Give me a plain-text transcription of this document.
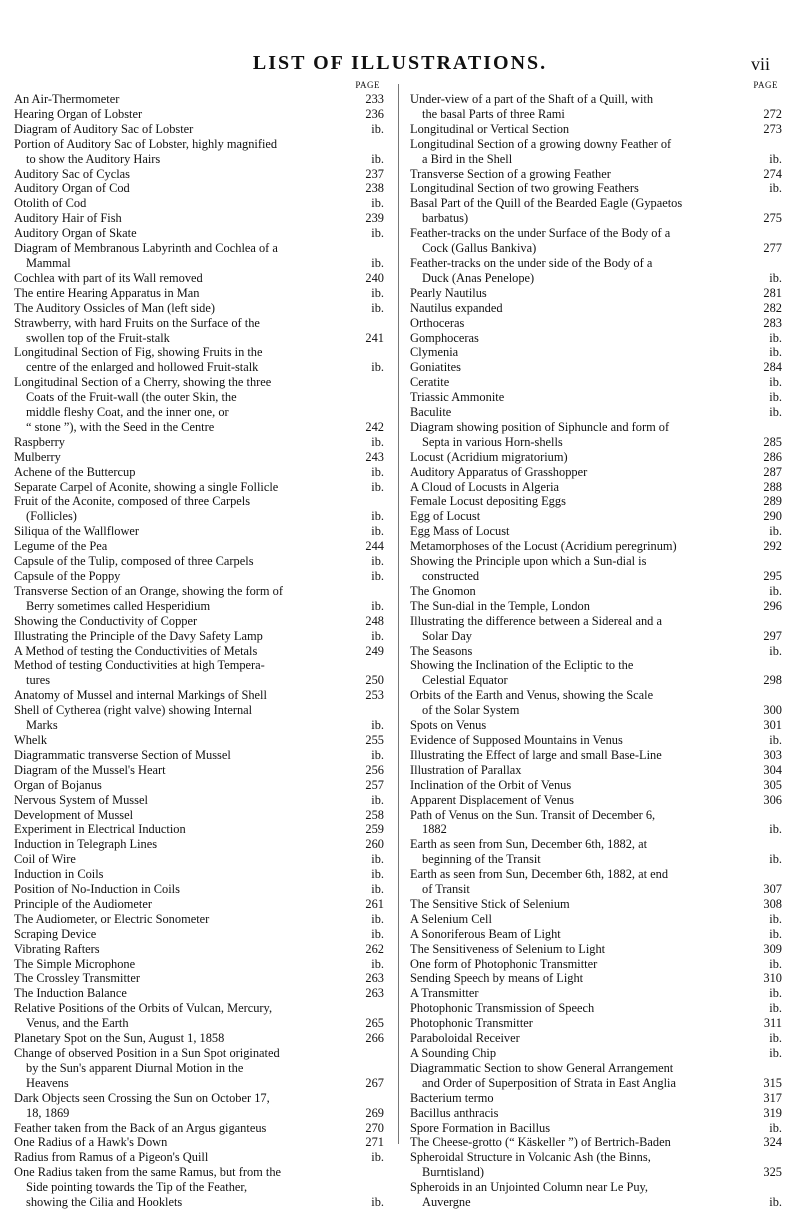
LIST OF ILLUSTRATIONS.	vii
PAGE
An Air-Thermometer	233
Hearing Organ of Lobster	236
Diagram of Auditory Sac of Lobster	ib.
Portion of Auditory Sac of Lobster, highly magnified
to show the Auditory Hairs	ib.
Auditory Sac of Cyclas	237
Auditory Organ of Cod	238
Otolith of Cod	ib.
Auditory Hair of Fish	239
Auditory Organ of Skate	ib.
Diagram of Membranous Labyrinth and Cochlea of a
Mammal	ib.
Cochlea with part of its Wall removed	240
The entire Hearing Apparatus in Man	ib.
The Auditory Ossicles of Man (left side)	ib.
Strawberry, with hard Fruits on the Surface of the
swollen top of the Fruit-stalk	241
Longitudinal Section of Fig, showing Fruits in the
centre of the enlarged and hollowed Fruit-stalk	ib.
Longitudinal Section of a Cherry, showing the three
Coats of the Fruit-wall (the outer Skin, the
middle fleshy Coat, and the inner one, or
“ stone ”), with the Seed in the Centre	242
Raspberry	ib.
Mulberry	243
Achene of the Buttercup	ib.
Separate Carpel of Aconite, showing a single Follicle	ib.
Fruit of the Aconite, composed of three Carpels
(Follicles)	ib.
Siliqua of the Wallflower	ib.
Legume of the Pea	244
Capsule of the Tulip, composed of three Carpels	ib.
Capsule of the Poppy	ib.
Transverse Section of an Orange, showing the form of
Berry sometimes called Hesperidium	ib.
Showing the Conductivity of Copper	248
Illustrating the Principle of the Davy Safety Lamp	ib.
A Method of testing the Conductivities of Metals	249
Method of testing Conductivities at high Tempera-
tures	250
Anatomy of Mussel and internal Markings of Shell	253
Shell of Cytherea (right valve) showing Internal
Marks	ib.
Whelk	255
Diagrammatic transverse Section of Mussel	ib.
Diagram of the Mussel's Heart	256
Organ of Bojanus	257
Nervous System of Mussel	ib.
Development of Mussel	258
Experiment in Electrical Induction	259
Induction in Telegraph Lines	260
Coil of Wire	ib.
Induction in Coils	ib.
Position of No-Induction in Coils	ib.
Principle of the Audiometer	261
The Audiometer, or Electric Sonometer	ib.
Scraping Device	ib.
Vibrating Rafters	262
The Simple Microphone	ib.
The Crossley Transmitter	263
The Induction Balance	263
Relative Positions of the Orbits of Vulcan, Mercury,
Venus, and the Earth	265
Planetary Spot on the Sun, August 1, 1858	266
Change of observed Position in a Sun Spot originated
by the Sun's apparent Diurnal Motion in the
Heavens	267
Dark Objects seen Crossing the Sun on October 17,
18, 1869	269
Feather taken from the Back of an Argus giganteus	270
One Radius of a Hawk's Down	271
Radius from Ramus of a Pigeon's Quill	ib.
One Radius taken from the same Ramus, but from the
Side pointing towards the Tip of the Feather,
showing the Cilia and Hooklets	ib.
PAGE
Under-view of a part of the Shaft of a Quill, with
the basal Parts of three Rami	272
Longitudinal or Vertical Section	273
Longitudinal Section of a growing downy Feather of
a Bird in the Shell	ib.
Transverse Section of a growing Feather	274
Longitudinal Section of two growing Feathers	ib.
Basal Part of the Quill of the Bearded Eagle (Gypaetos
barbatus)	275
Feather-tracks on the under Surface of the Body of a
Cock (Gallus Bankiva)	277
Feather-tracks on the under side of the Body of a
Duck (Anas Penelope)	ib.
Pearly Nautilus	281
Nautilus expanded	282
Orthoceras	283
Gomphoceras	ib.
Clymenia	ib.
Goniatites	284
Ceratite	ib.
Triassic Ammonite	ib.
Baculite	ib.
Diagram showing position of Siphuncle and form of
Septa in various Horn-shells	285
Locust (Acridium migratorium)	286
Auditory Apparatus of Grasshopper	287
A Cloud of Locusts in Algeria	288
Female Locust depositing Eggs	289
Egg of Locust	290
Egg Mass of Locust	ib.
Metamorphoses of the Locust (Acridium peregrinum)	292
Showing the Principle upon which a Sun-dial is
constructed	295
The Gnomon	ib.
The Sun-dial in the Temple, London	296
Illustrating the difference between a Sidereal and a
Solar Day	297
The Seasons	ib.
Showing the Inclination of the Ecliptic to the
Celestial Equator	298
Orbits of the Earth and Venus, showing the Scale
of the Solar System	300
Spots on Venus	301
Evidence of Supposed Mountains in Venus	ib.
Illustrating the Effect of large and small Base-Line	303
Illustration of Parallax	304
Inclination of the Orbit of Venus	305
Apparent Displacement of Venus	306
Path of Venus on the Sun. Transit of December 6,
1882	ib.
Earth as seen from Sun, December 6th, 1882, at
beginning of the Transit	ib.
Earth as seen from Sun, December 6th, 1882, at end
of Transit	307
The Sensitive Stick of Selenium	308
A Selenium Cell	ib.
A Sonoriferous Beam of Light	ib.
The Sensitiveness of Selenium to Light	309
One form of Photophonic Transmitter	ib.
Sending Speech by means of Light	310
A Transmitter	ib.
Photophonic Transmission of Speech	ib.
Photophonic Transmitter	311
Paraboloidal Receiver	ib.
A Sounding Chip	ib.
Diagrammatic Section to show General Arrangement
and Order of Superposition of Strata in East Anglia	315
Bacterium termo	317
Bacillus anthracis	319
Spore Formation in Bacillus	ib.
The Cheese-grotto (“ Käskeller ”) of Bertrich-Baden	324
Spheroidal Structure in Volcanic Ash (the Binns,
Burntisland)	325
Spheroids in an Unjointed Column near Le Puy,
Auvergne	ib.
